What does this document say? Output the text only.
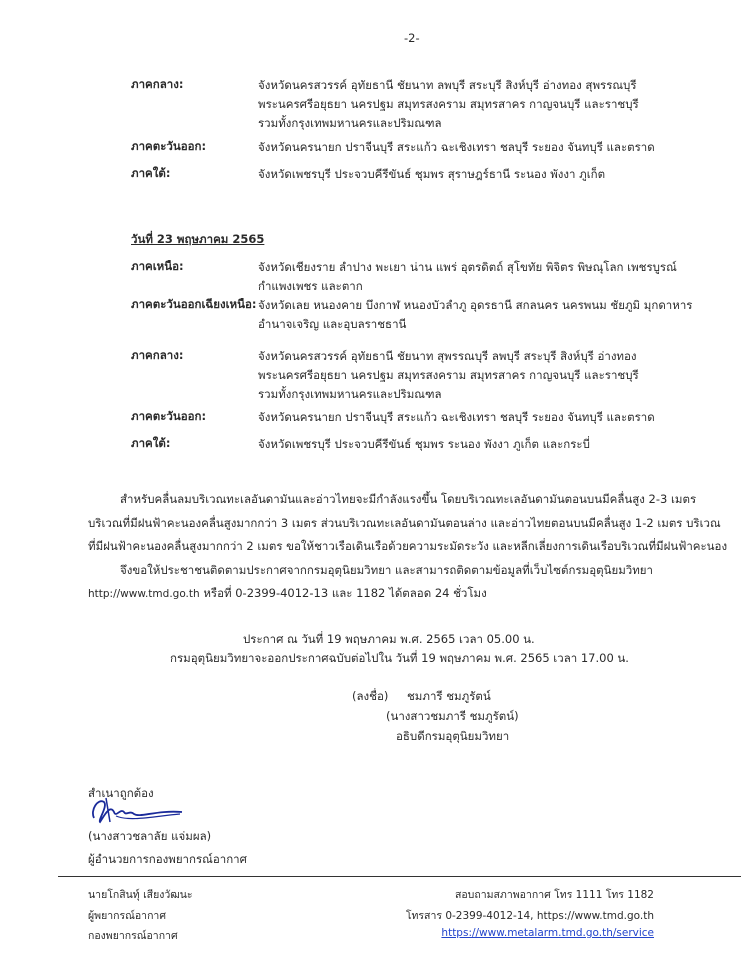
-2-
ภาคกลาง:	จังหวัดนครสวรรค์ อุทัยธานี ชัยนาท ลพบุรี สระบุรี สิงห์บุรี อ่างทอง สุพรรณบุรี
พระนครศรีอยุธยา นครปฐม สมุทรสงคราม สมุทรสาคร กาญจนบุรี และราชบุรี
รวมทั้งกรุงเทพมหานครและปริมณฑล
ภาคตะวันออก:	จังหวัดนครนายก ปราจีนบุรี สระแก้ว ฉะเชิงเทรา ชลบุรี ระยอง จันทบุรี และตราด
ภาคใต้:	จังหวัดเพชรบุรี ประจวบคีรีขันธ์ ชุมพร สุราษฎร์ธานี ระนอง พังงา ภูเก็ต
วันที่ 23 พฤษภาคม 2565
ภาคเหนือ:	จังหวัดเชียงราย ลำปาง พะเยา น่าน แพร่ อุตรดิตถ์ สุโขทัย พิจิตร พิษณุโลก เพชรบูรณ์
กำแพงเพชร และตาก
ภาคตะวันออกเฉียงเหนือ: จังหวัดเลย หนองคาย บึงกาฬ หนองบัวลำภู อุดรธานี สกลนคร นครพนม ชัยภูมิ มุกดาหาร
อำนาจเจริญ และอุบลราชธานี
ภาคกลาง:	จังหวัดนครสวรรค์ อุทัยธานี ชัยนาท สุพรรณบุรี ลพบุรี สระบุรี สิงห์บุรี อ่างทอง
พระนครศรีอยุธยา นครปฐม สมุทรสงคราม สมุทรสาคร กาญจนบุรี และราชบุรี
รวมทั้งกรุงเทพมหานครและปริมณฑล
ภาคตะวันออก:	จังหวัดนครนายก ปราจีนบุรี สระแก้ว ฉะเชิงเทรา ชลบุรี ระยอง จันทบุรี และตราด
ภาคใต้:	จังหวัดเพชรบุรี ประจวบคีรีขันธ์ ชุมพร ระนอง พังงา ภูเก็ต และกระบี่
สำหรับคลื่นลมบริเวณทะเลอันดามันและอ่าวไทยจะมีกำลังแรงขึ้น โดยบริเวณทะเลอันดามันตอนบนมีคลื่นสูง 2-3 เมตร
บริเวณที่มีฝนฟ้าคะนองคลื่นสูงมากกว่า 3 เมตร ส่วนบริเวณทะเลอันดามันตอนล่าง และอ่าวไทยตอนบนมีคลื่นสูง 1-2 เมตร บริเวณ
ที่มีฝนฟ้าคะนองคลื่นสูงมากกว่า 2 เมตร ขอให้ชาวเรือเดินเรือด้วยความระมัดระวัง และหลีกเลี่ยงการเดินเรือบริเวณที่มีฝนฟ้าคะนอง
จึงขอให้ประชาชนติดตามประกาศจากกรมอุตุนิยมวิทยา และสามารถติดตามข้อมูลที่เว็บไซต์กรมอุตุนิยมวิทยา
http://www.tmd.go.th หรือที่ 0-2399-4012-13 และ 1182 ได้ตลอด 24 ชั่วโมง
ประกาศ ณ วันที่ 19 พฤษภาคม พ.ศ. 2565 เวลา 05.00 น.
กรมอุตุนิยมวิทยาจะออกประกาศฉบับต่อไปใน วันที่ 19 พฤษภาคม พ.ศ. 2565 เวลา 17.00 น.
(ลงชื่อ) ชมภารี ชมภูรัตน์
(นางสาวชมภารี ชมภูรัตน์)
อธิบดีกรมอุตุนิยมวิทยา
สำเนาถูกต้อง
(นางสาวชลาลัย แจ่มผล)
ผู้อำนวยการกองพยากรณ์อากาศ
นายโกสินทุ์ เสียงวัฒนะ
ผู้พยากรณ์อากาศ
กองพยากรณ์อากาศ
สอบถามสภาพอากาศ โทร 1111 โทร 1182
โทรสาร 0-2399-4012-14, https://www.tmd.go.th
https://www.metalarm.tmd.go.th/service
